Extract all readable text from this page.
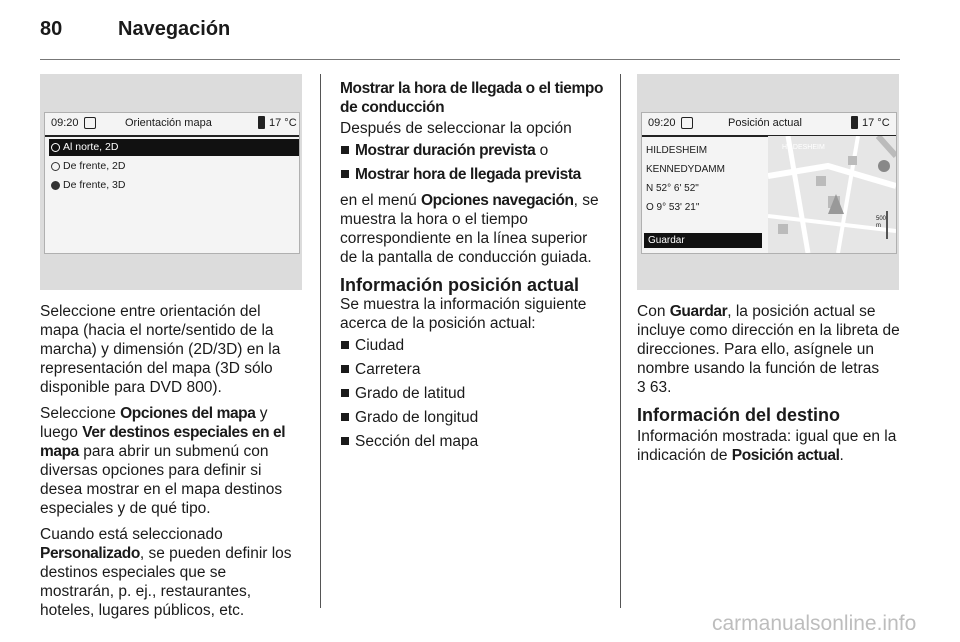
80	Navegación
09:20	Orientación mapa	17 °C
Al norte, 2D
De frente, 2D
De frente, 3D

Seleccione entre orientación del mapa (hacia el norte/sentido de la marcha) y dimensión (2D/3D) en la representación del mapa (3D sólo disponible para DVD 800).

Seleccione Opciones del mapa y luego Ver destinos especiales en el mapa para abrir un submenú con diversas opciones para definir si desea mostrar en el mapa destinos especiales y de qué tipo.

Cuando está seleccionado Personalizado, se pueden definir los destinos especiales que se mostrarán, p. ej., restaurantes, hoteles, lugares públicos, etc.

Mostrar la hora de llegada o el tiempo de conducción

Después de seleccionar la opción

Mostrar duración prevista o
Mostrar hora de llegada prevista

en el menú Opciones navegación, se muestra la hora o el tiempo correspondiente en la línea superior de la pantalla de conducción guiada.

Información posición actual

Se muestra la información siguiente acerca de la posición actual:

Ciudad
Carretera
Grado de latitud
Grado de longitud
Sección del mapa
09:20	Posición actual	17 °C
HILDESHEIM
KENNEDYDAMM
N 52° 6' 52"
O 9° 53' 21"
Guardar
HILDESHEIM
500 m

Con Guardar, la posición actual se incluye como dirección en la libreta de direcciones. Para ello, asígnele un nombre usando la función de letras
3 63.

Información del destino

Información mostrada: igual que en la indicación de Posición actual.

carmanualsonline.info
